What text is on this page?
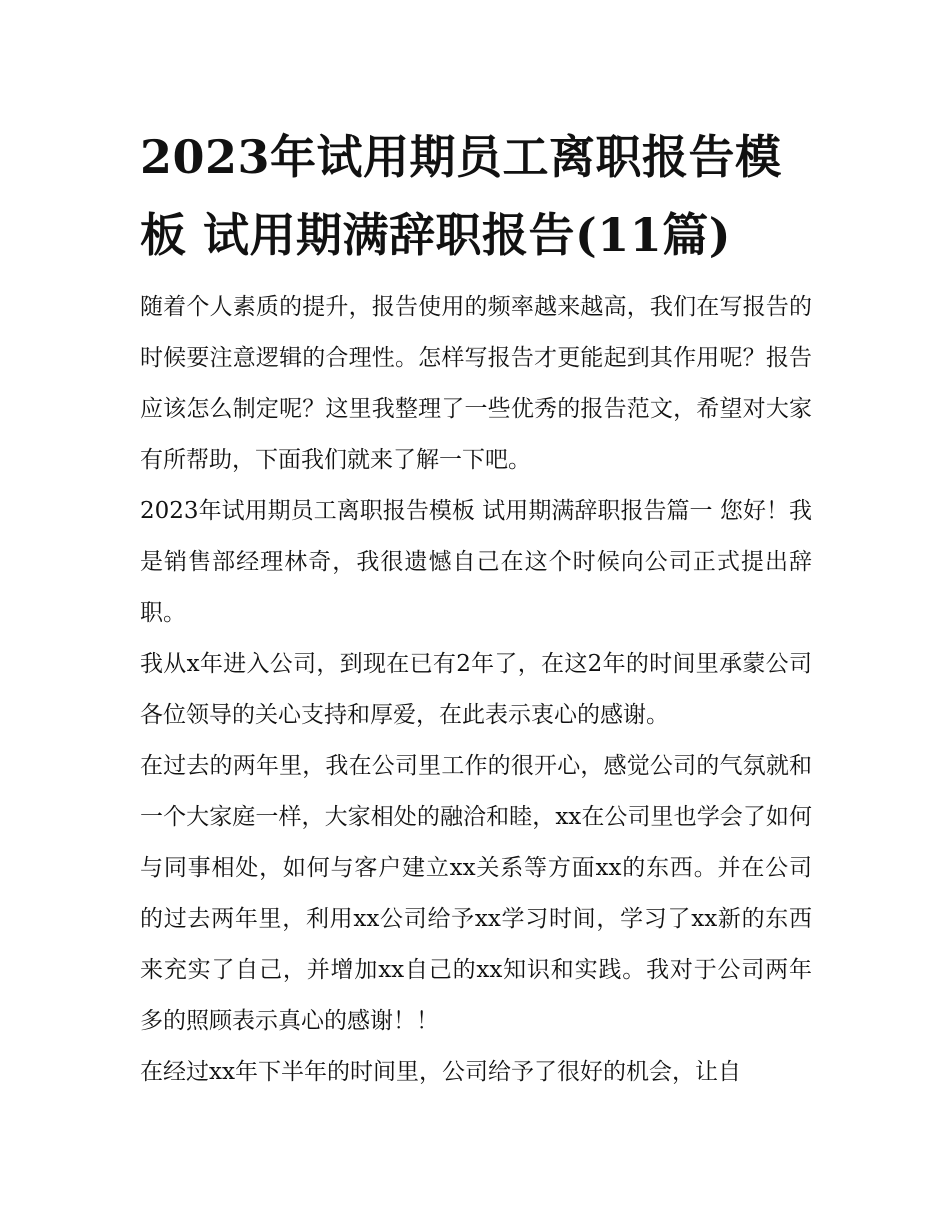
2023年试用期员工离职报告模板 试用期满辞职报告(11篇)

随着个人素质的提升，报告使用的频率越来越高，我们在写报告的时候要注意逻辑的合理性。怎样写报告才更能起到其作用呢？报告应该怎么制定呢？这里我整理了一些优秀的报告范文，希望对大家有所帮助，下面我们就来了解一下吧。

2023年试用期员工离职报告模板 试用期满辞职报告篇一 您好！我是销售部经理林奇，我很遗憾自己在这个时候向公司正式提出辞职。

我从x年进入公司，到现在已有2年了，在这2年的时间里承蒙公司各位领导的关心支持和厚爱，在此表示衷心的感谢。

在过去的两年里，我在公司里工作的很开心，感觉公司的气氛就和一个大家庭一样，大家相处的融洽和睦，xx在公司里也学会了如何与同事相处，如何与客户建立xx关系等方面xx的东西。并在公司的过去两年里，利用xx公司给予xx学习时间，学习了xx新的东西来充实了自己，并增加xx自己的xx知识和实践。我对于公司两年多的照顾表示真心的感谢！！

在经过xx年下半年的时间里，公司给予了很好的机会，让自
